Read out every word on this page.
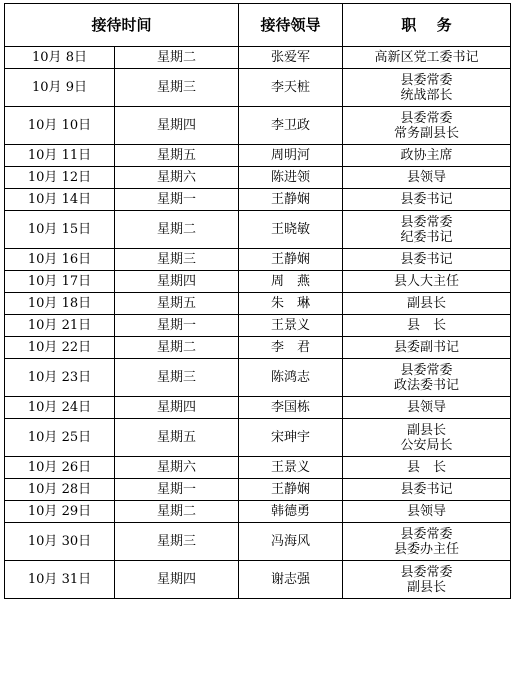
接待时间		接待领导	职　 务
10月 8日	星期二	张爱军	高新区党工委书记

10月 9日	星期三	李天桩	县委常委
统战部长

10月 10日	星期四	李卫政	县委常委
常务副县长

10月 11日	星期五	周明河	政协主席

10月 12日	星期六	陈进领	县领导

10月 14日	星期一	王静娴	县委书记

10月 15日	星期二	王晓敏	县委常委
纪委书记

10月 16日	星期三	王静娴	县委书记

10月 17日	星期四	周　燕	县人大主任

10月 18日	星期五	朱　琳	副县长

10月 21日	星期一	王景义	县　长

10月 22日	星期二	李　君	县委副书记

10月 23日	星期三	陈鸿志	县委常委
政法委书记

10月 24日	星期四	李国栋	县领导

10月 25日	星期五	宋珅宇	副县长
公安局长

10月 26日	星期六	王景义	县　长

10月 28日	星期一	王静娴	县委书记

10月 29日	星期二	韩德勇	县领导

10月 30日	星期三	冯海风	县委常委
县委办主任

10月 31日	星期四	谢志强	县委常委
副县长
